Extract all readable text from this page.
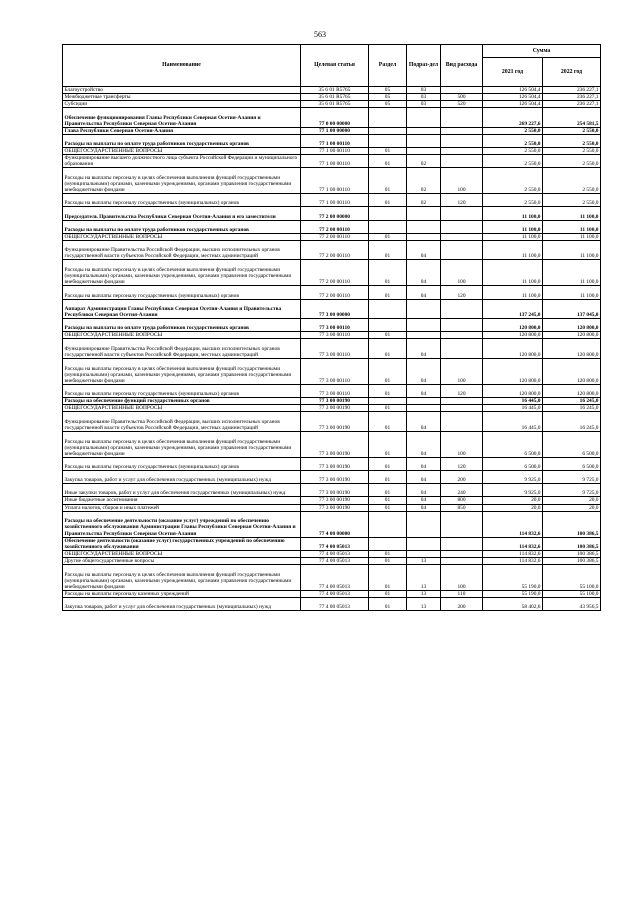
563
Наименование	Целевая статья	Раздел	Подраз-дел	Вид расхода	Сумма	
					2021 год	2022 год
Благоустройство	35 6 01 R5765	05	03		126 504,4	236 227,1
Межбюджетные трансферты	35 6 01 R5765	05	03	500	126 504,4	236 227,1
Субсидии	35 6 01 R5765	05	03	520	126 504,4	236 227,1
Обеспечение функционирования Главы Республики Северная Осетия-Алания и Правительства Республики Северная Осетия-Алания	77 0 00 00000				269 227,6	254 581,5
Глава Республики Северная Осетия-Алания	77 1 00 00000				2 550,0	2 550,0
Расходы на выплаты по оплате труда работников государственных органов	77 1 00 00110				2 550,0	2 550,0
ОБЩЕГОСУДАРСТВЕННЫЕ ВОПРОСЫ	77 1 00 00110	01			2 550,0	2 550,0
Функционирование высшего должностного лица субъекта Российской Федерации и муниципального образования	77 1 00 00110	01	02		2 550,0	2 550,0
Расходы на выплаты персоналу в целях обеспечения выполнения функций государственными (муниципальными) органами, казенными учреждениями, органами управления государственными внебюджетными фондами	77 1 00 00110	01	02	100	2 550,0	2 550,0
Расходы на выплаты персоналу государственных (муниципальных) органов	77 1 00 00110	01	02	120	2 550,0	2 550,0
Председатель Правительства Республики Северная Осетия-Алания и его заместители	77 2 00 00000				11 100,0	11 100,0
Расходы на выплаты по оплате труда работников государственных органов	77 2 00 00110				11 100,0	11 100,0
ОБЩЕГОСУДАРСТВЕННЫЕ ВОПРОСЫ	77 2 00 00110	01			11 100,0	11 100,0
Функционирование Правительства Российской Федерации, высших исполнительных органов государственной власти субъектов Российской Федерации, местных администраций	77 2 00 00110	01	04		11 100,0	11 100,0
Расходы на выплаты персоналу в целях обеспечения выполнения функций государственными (муниципальными) органами, казенными учреждениями, органами управления государственными внебюджетными фондами	77 2 00 00110	01	04	100	11 100,0	11 100,0
Расходы на выплаты персоналу государственных (муниципальных) органов	77 2 00 00110	01	04	120	11 100,0	11 100,0
Аппарат Администрации Главы Республики Северная Осетия-Алания и Правительства Республики Северная Осетия-Алания	77 3 00 00000				137 245,0	137 045,0
Расходы на выплаты по оплате труда работников государственных органов	77 3 00 00110				120 800,0	120 800,0
ОБЩЕГОСУДАРСТВЕННЫЕ ВОПРОСЫ	77 3 00 00110	01			120 800,0	120 800,0
Функционирование Правительства Российской Федерации, высших исполнительных органов государственной власти субъектов Российской Федерации, местных администраций	77 3 00 00110	01	04		120 800,0	120 800,0
Расходы на выплаты персоналу в целях обеспечения выполнения функций государственными (муниципальными) органами, казенными учреждениями, органами управления государственными внебюджетными фондами	77 3 00 00110	01	04	100	120 800,0	120 800,0
Расходы на выплаты персоналу государственных (муниципальных) органов	77 3 00 00110	01	04	120	120 800,0	120 800,0
Расходы на обеспечение функций государственных органов	77 3 00 00190				16 445,0	16 245,0
ОБЩЕГОСУДАРСТВЕННЫЕ ВОПРОСЫ	77 3 00 00190	01			16 445,0	16 245,0
Функционирование Правительства Российской Федерации, высших исполнительных органов государственной власти субъектов Российской Федерации, местных администраций	77 3 00 00190	01	04		16 445,0	16 245,0
Расходы на выплаты персоналу в целях обеспечения выполнения функций государственными (муниципальными) органами, казенными учреждениями, органами управления государственными внебюджетными фондами	77 3 00 00190	01	04	100	6 500,0	6 500,0
Расходы на выплаты персоналу государственных (муниципальных) органов	77 3 00 00190	01	04	120	6 500,0	6 500,0
Закупка товаров, работ и услуг для обеспечения государственных (муниципальных) нужд	77 3 00 00190	01	04	200	9 925,0	9 725,0
Иные закупки товаров, работ и услуг для обеспечения государственных (муниципальных) нужд	77 3 00 00190	01	04	240	9 925,0	9 725,0
Иные бюджетные ассигнования	77 3 00 00190	01	04	800	20,0	20,0
Уплата налогов, сборов и иных платежей	77 3 00 00190	01	04	850	20,0	20,0
Расходы на обеспечение деятельности (оказание услуг) учреждений по обеспечению хозяйственного обслуживания Администрации Главы Республики Северная Осетия-Алания и Правительства Республики Северная Осетия-Алания	77 4 00 00000				114 832,6	100 386,5
Обеспечение деятельности (оказание услуг) государственных учреждений по обеспечению хозяйственного обслуживания	77 4 00 05013				114 832,6	100 386,5
ОБЩЕГОСУДАРСТВЕННЫЕ ВОПРОСЫ	77 4 00 05013	01			114 832,6	100 386,5
Другие общегосударственные вопросы	77 4 00 05013	01	13		114 832,6	100 386,5
Расходы на выплаты персоналу в целях обеспечения выполнения функций государственными (муниципальными) органами, казенными учреждениями, органами управления государственными внебюджетными фондами	77 4 00 05013	01	13	100	55 190,0	55 100,0
Расходы на выплаты персоналу казенных учреждений	77 4 00 05013	01	13	110	55 190,0	55 100,0
Закупка товаров, работ и услуг для обеспечения государственных (муниципальных) нужд	77 4 00 05013	01	13	200	58 402,6	43 956,5
